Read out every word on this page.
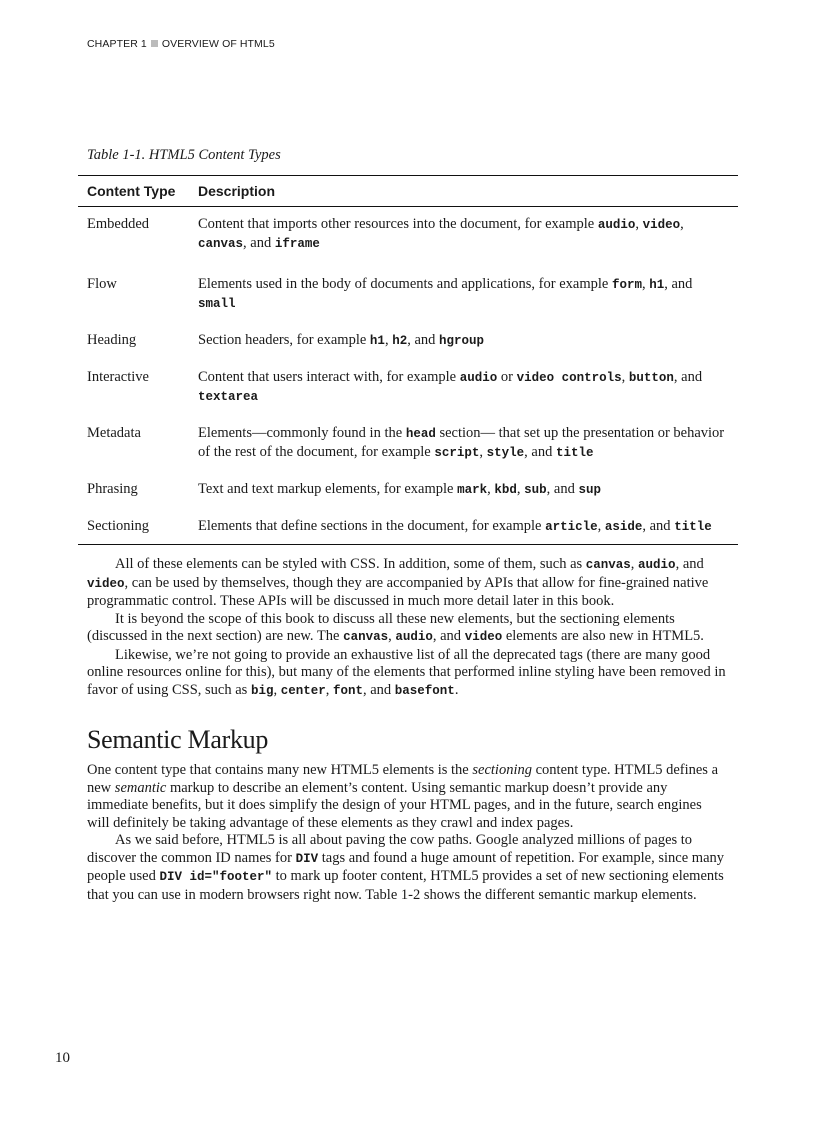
CHAPTER 1 OVERVIEW OF HTML5
Table 1-1. HTML5 Content Types
Content Type	Description
Embedded	Content that imports other resources into the document, for example audio, video, canvas, and iframe
Flow	Elements used in the body of documents and applications, for example form, h1, and small
Heading	Section headers, for example h1, h2, and hgroup
Interactive	Content that users interact with, for example audio or video controls, button, and textarea
Metadata	Elements—commonly found in the head section— that set up the presentation or behavior of the rest of the document, for example script, style, and title
Phrasing	Text and text markup elements, for example mark, kbd, sub, and sup
Sectioning	Elements that define sections in the document, for example article, aside, and title

All of these elements can be styled with CSS. In addition, some of them, such as canvas, audio, and video, can be used by themselves, though they are accompanied by APIs that allow for fine-grained native programmatic control. These APIs will be discussed in much more detail later in this book.

It is beyond the scope of this book to discuss all these new elements, but the sectioning elements (discussed in the next section) are new. The canvas, audio, and video elements are also new in HTML5.

Likewise, we’re not going to provide an exhaustive list of all the deprecated tags (there are many good online resources online for this), but many of the elements that performed inline styling have been removed in favor of using CSS, such as big, center, font, and basefont.

Semantic Markup

One content type that contains many new HTML5 elements is the sectioning content type. HTML5 defines a new semantic markup to describe an element’s content. Using semantic markup doesn’t provide any immediate benefits, but it does simplify the design of your HTML pages, and in the future, search engines will definitely be taking advantage of these elements as they crawl and index pages.

As we said before, HTML5 is all about paving the cow paths. Google analyzed millions of pages to discover the common ID names for DIV tags and found a huge amount of repetition. For example, since many people used DIV id="footer" to mark up footer content, HTML5 provides a set of new sectioning elements that you can use in modern browsers right now. Table 1-2 shows the different semantic markup elements.

10
